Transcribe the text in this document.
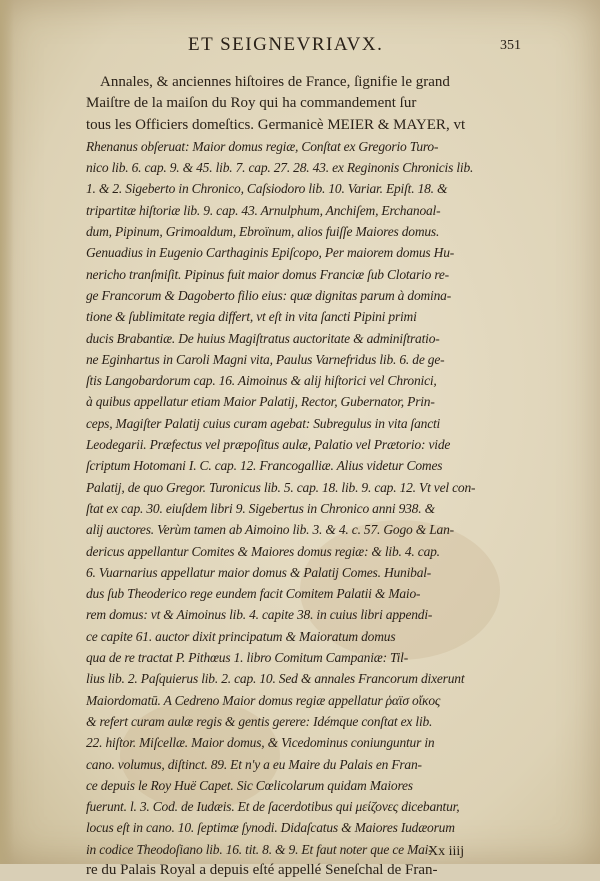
ET SEIGNEVRIAVX.	351
Annales, & anciennes hiſtoires de France, ſignifie le grand
Maiſtre de la maiſon du Roy qui ha commandement ſur
tous les Officiers domeſtics. Germanicè MEIER & MAYER, vt
Rhenanus obſeruat: Maior domus regiæ, Conſtat ex Gregorio Turo-
nico lib. 6. cap. 9. & 45. lib. 7. cap. 27. 28. 43. ex Reginonis Chronicis lib.
1. & 2. Sigeberto in Chronico, Caſsiodoro lib. 10. Variar. Epiſt. 18. &
tripartitæ hiſtoriæ lib. 9. cap. 43. Arnulphum, Anchiſem, Erchanoal-
dum, Pipinum, Grimoaldum, Ebroïnum, alios fuiſſe Maiores domus.
Genuadius in Eugenio Carthaginis Epiſcopo, Per maiorem domus Hu-
nericho tranſmiſit. Pipinus fuit maior domus Franciæ ſub Clotario re-
ge Francorum & Dagoberto filio eius: quæ dignitas parum à domina-
tione & ſublimitate regia differt, vt eſt in vita ſancti Pipini primi
ducis Brabantiæ. De huius Magiſtratus auctoritate & adminiſtratio-
ne Eginhartus in Caroli Magni vita, Paulus Varnefridus lib. 6. de ge-
ſtis Langobardorum cap. 16. Aimoinus & alij hiſtorici vel Chronici,
à quibus appellatur etiam Maior Palatij, Rector, Gubernator, Prin-
ceps, Magiſter Palatij cuius curam agebat: Subregulus in vita ſancti
Leodegarii. Præfectus vel præpoſitus aulæ, Palatio vel Prætorio: vide
ſcriptum Hotomani I. C. cap. 12. Francogalliæ. Alius videtur Comes
Palatij, de quo Gregor. Turonicus lib. 5. cap. 18. lib. 9. cap. 12. Vt vel con-
ſtat ex cap. 30. eiuſdem libri 9. Sigebertus in Chronico anni 938. &
alij auctores. Verùm tamen ab Aimoino lib. 3. & 4. c. 57. Gogo & Lan-
dericus appellantur Comites & Maiores domus regiæ: & lib. 4. cap.
6. Vuarnarius appellatur maior domus & Palatij Comes. Hunibal-
dus ſub Theoderico rege eundem facit Comitem Palatii & Maio-
rem domus: vt & Aimoinus lib. 4. capite 38. in cuius libri appendi-
ce capite 61. auctor dixit principatum & Maioratum domus
qua de re tractat P. Pithœus 1. libro Comitum Campaniæ: Til-
lius lib. 2. Paſquierus lib. 2. cap. 10. Sed & annales Francorum dixerunt
Maiordomatū. A Cedreno Maior domus regiæ appellatur ῥαϊσ οἴκος
& refert curam aulæ regis & gentis gerere: Idémque conſtat ex lib.
22. hiſtor. Miſcellæ. Maior domus, & Vicedominus coniunguntur in
cano. volumus, diſtinct. 89. Et n'y a eu Maire du Palais en Fran-
ce depuis le Roy Huë Capet. Sic Cœlicolarum quidam Maiores
fuerunt. l. 3. Cod. de Iudæis. Et de ſacerdotibus qui μείζονες dicebantur,
locus eſt in cano. 10. ſeptimæ ſynodi. Didaſcatus & Maiores Iudæorum
in codice Theodoſiano lib. 16. tit. 8. & 9. Et faut noter que ce Mai-
re du Palais Royal a depuis eſté appellé Seneſchal de Fran-
Xx iiij
